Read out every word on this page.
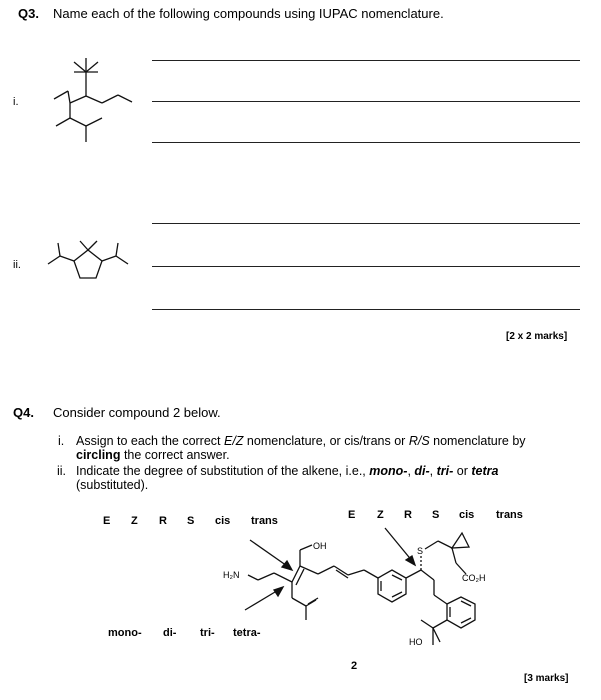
Q3. Name each of the following compounds using IUPAC nomenclature.
i.
ii.
[2 x 2 marks]
Q4. Consider compound 2 below.
i. Assign to each the correct E/Z nomenclature, or cis/trans or R/S nomenclature by
circling the correct answer.
ii. Indicate the degree of substitution of the alkene, i.e., mono-, di-, tri- or tetra
(substituted).
E Z R S cis trans	E Z R S cis trans
mono- di- tri- tetra-
OH
H₂N	CO₂H
S
HO
2
[3 marks]
